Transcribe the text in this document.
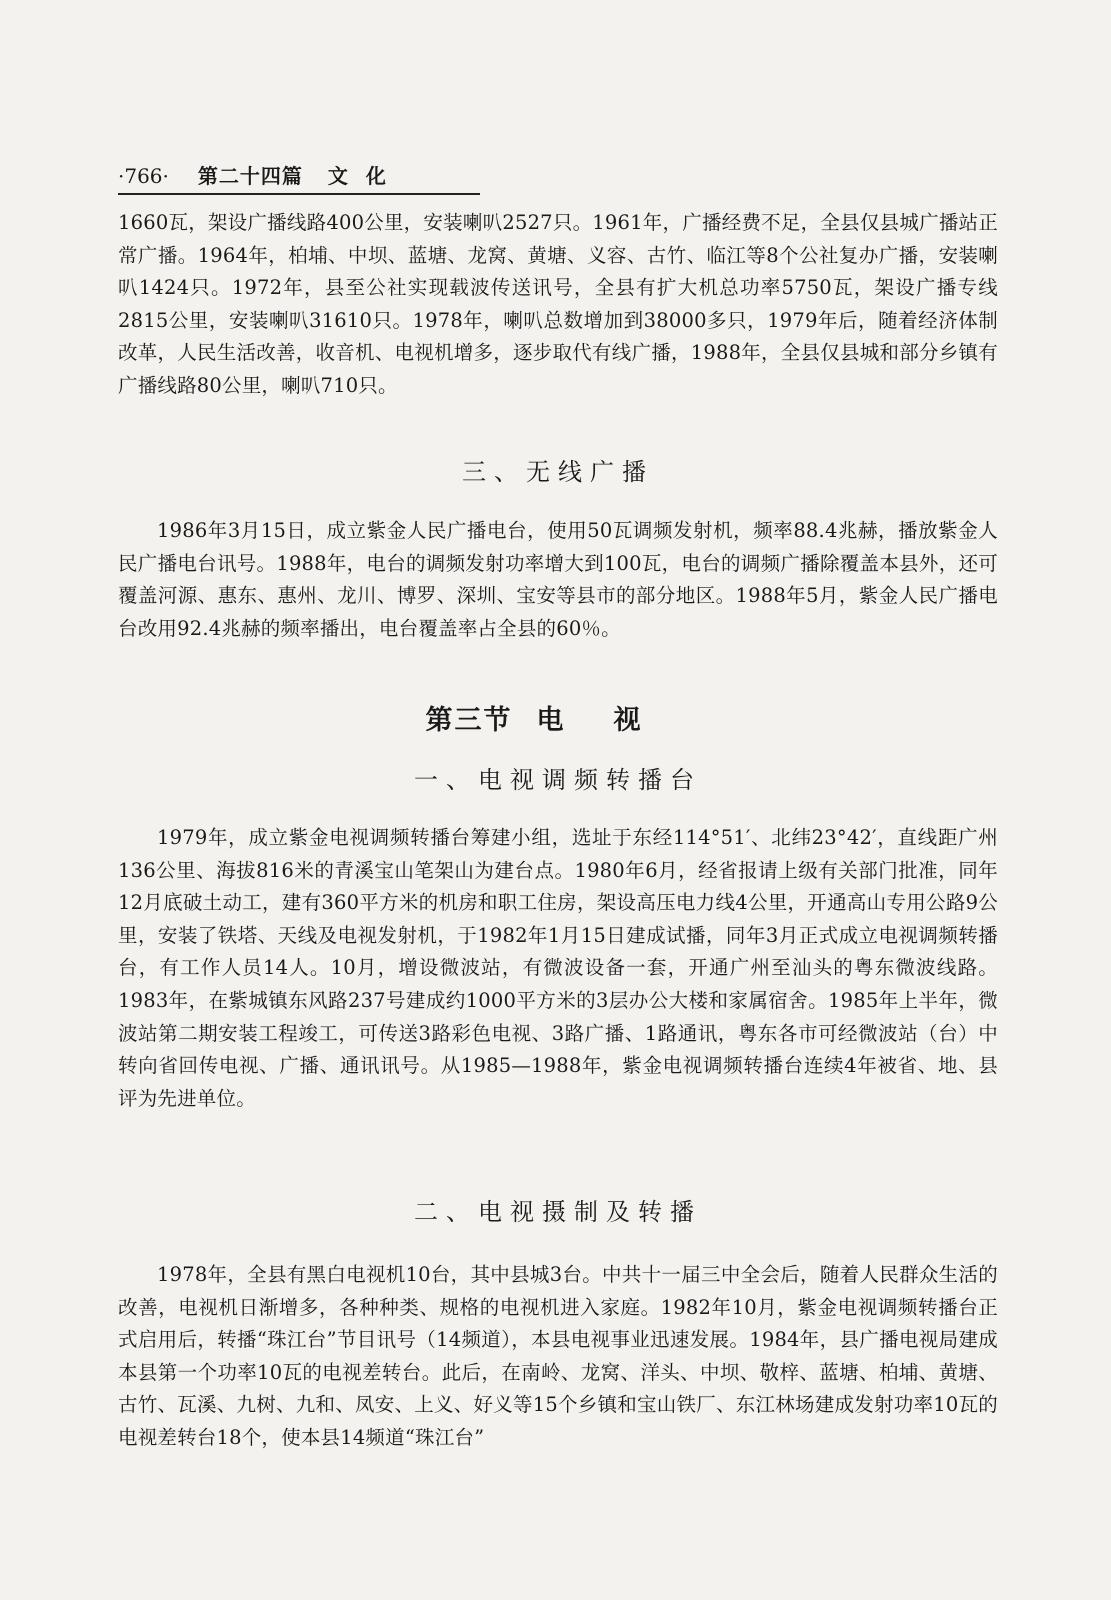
·766· 第二十四篇 文化

1660瓦，架设广播线路400公里，安装喇叭2527只。1961年，广播经费不足，全县仅县城广播站正常广播。1964年，柏埔、中坝、蓝塘、龙窝、黄塘、义容、古竹、临江等8个公社复办广播，安装喇叭1424只。1972年，县至公社实现载波传送讯号，全县有扩大机总功率5750瓦，架设广播专线2815公里，安装喇叭31610只。1978年，喇叭总数增加到38000多只，1979年后，随着经济体制改革，人民生活改善，收音机、电视机增多，逐步取代有线广播，1988年，全县仅县城和部分乡镇有广播线路80公里，喇叭710只。

三、无线广播

1986年3月15日，成立紫金人民广播电台，使用50瓦调频发射机，频率88.4兆赫，播放紫金人民广播电台讯号。1988年，电台的调频发射功率增大到100瓦，电台的调频广播除覆盖本县外，还可覆盖河源、惠东、惠州、龙川、博罗、深圳、宝安等县市的部分地区。1988年5月，紫金人民广播电台改用92.4兆赫的频率播出，电台覆盖率占全县的60％。

第三节 电视
一、电视调频转播台

1979年，成立紫金电视调频转播台筹建小组，选址于东经114°51′、北纬23°42′，直线距广州136公里、海拔816米的青溪宝山笔架山为建台点。1980年6月，经省报请上级有关部门批准，同年12月底破土动工，建有360平方米的机房和职工住房，架设高压电力线4公里，开通高山专用公路9公里，安装了铁塔、天线及电视发射机，于1982年1月15日建成试播，同年3月正式成立电视调频转播台，有工作人员14人。10月，增设微波站，有微波设备一套，开通广州至汕头的粤东微波线路。1983年，在紫城镇东风路237号建成约1000平方米的3层办公大楼和家属宿舍。1985年上半年，微波站第二期安装工程竣工，可传送3路彩色电视、3路广播、1路通讯，粤东各市可经微波站（台）中转向省回传电视、广播、通讯讯号。从1985—1988年，紫金电视调频转播台连续4年被省、地、县评为先进单位。

二、电视摄制及转播

1978年，全县有黑白电视机10台，其中县城3台。中共十一届三中全会后，随着人民群众生活的改善，电视机日渐增多，各种种类、规格的电视机进入家庭。1982年10月，紫金电视调频转播台正式启用后，转播“珠江台”节目讯号（14频道），本县电视事业迅速发展。1984年，县广播电视局建成本县第一个功率10瓦的电视差转台。此后，在南岭、龙窝、洋头、中坝、敬梓、蓝塘、柏埔、黄塘、古竹、瓦溪、九树、九和、凤安、上义、好义等15个乡镇和宝山铁厂、东江林场建成发射功率10瓦的电视差转台18个，使本县14频道“珠江台”
